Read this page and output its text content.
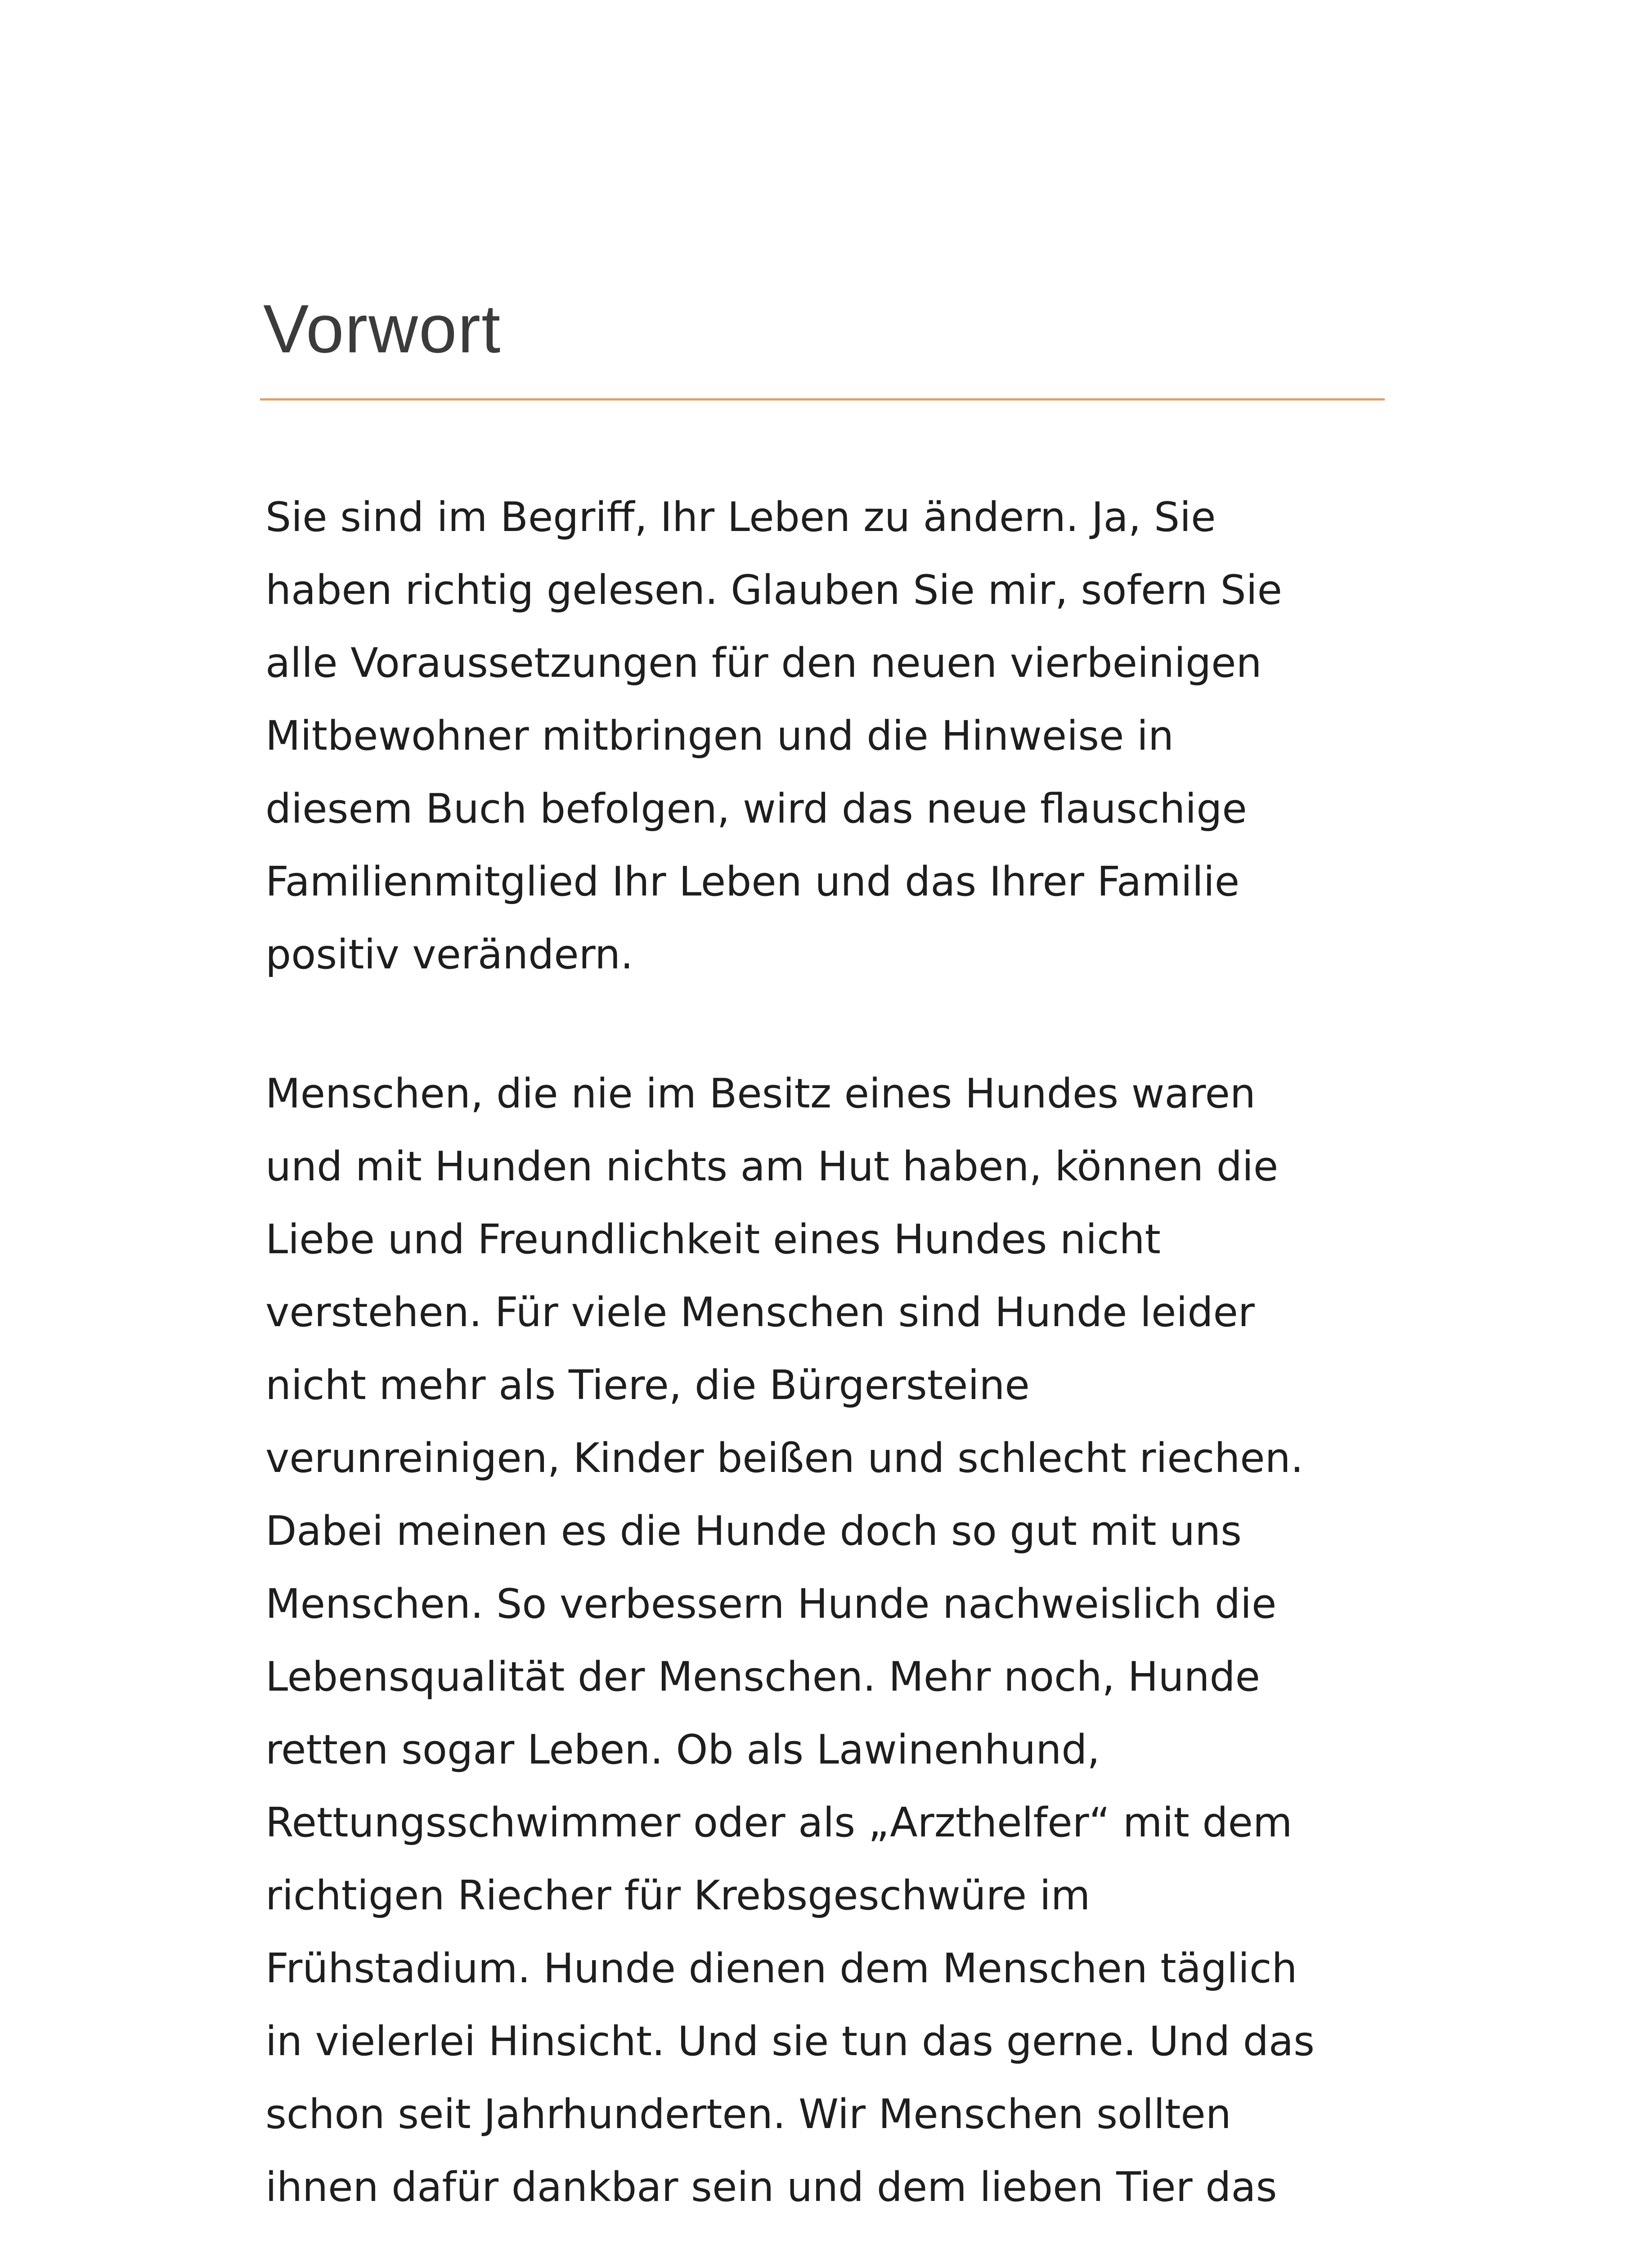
Vorwort

Sie sind im Begriff, Ihr Leben zu ändern. Ja, Sie
haben richtig gelesen. Glauben Sie mir, sofern Sie
alle Voraussetzungen für den neuen vierbeinigen
Mitbewohner mitbringen und die Hinweise in
diesem Buch befolgen, wird das neue flauschige
Familienmitglied Ihr Leben und das Ihrer Familie
positiv verändern.

Menschen, die nie im Besitz eines Hundes waren
und mit Hunden nichts am Hut haben, können die
Liebe und Freundlichkeit eines Hundes nicht
verstehen. Für viele Menschen sind Hunde leider
nicht mehr als Tiere, die Bürgersteine
verunreinigen, Kinder beißen und schlecht riechen.
Dabei meinen es die Hunde doch so gut mit uns
Menschen. So verbessern Hunde nachweislich die
Lebensqualität der Menschen. Mehr noch, Hunde
retten sogar Leben. Ob als Lawinenhund,
Rettungsschwimmer oder als „Arzthelfer“ mit dem
richtigen Riecher für Krebsgeschwüre im
Frühstadium. Hunde dienen dem Menschen täglich
in vielerlei Hinsicht. Und sie tun das gerne. Und das
schon seit Jahrhunderten. Wir Menschen sollten
ihnen dafür dankbar sein und dem lieben Tier das
